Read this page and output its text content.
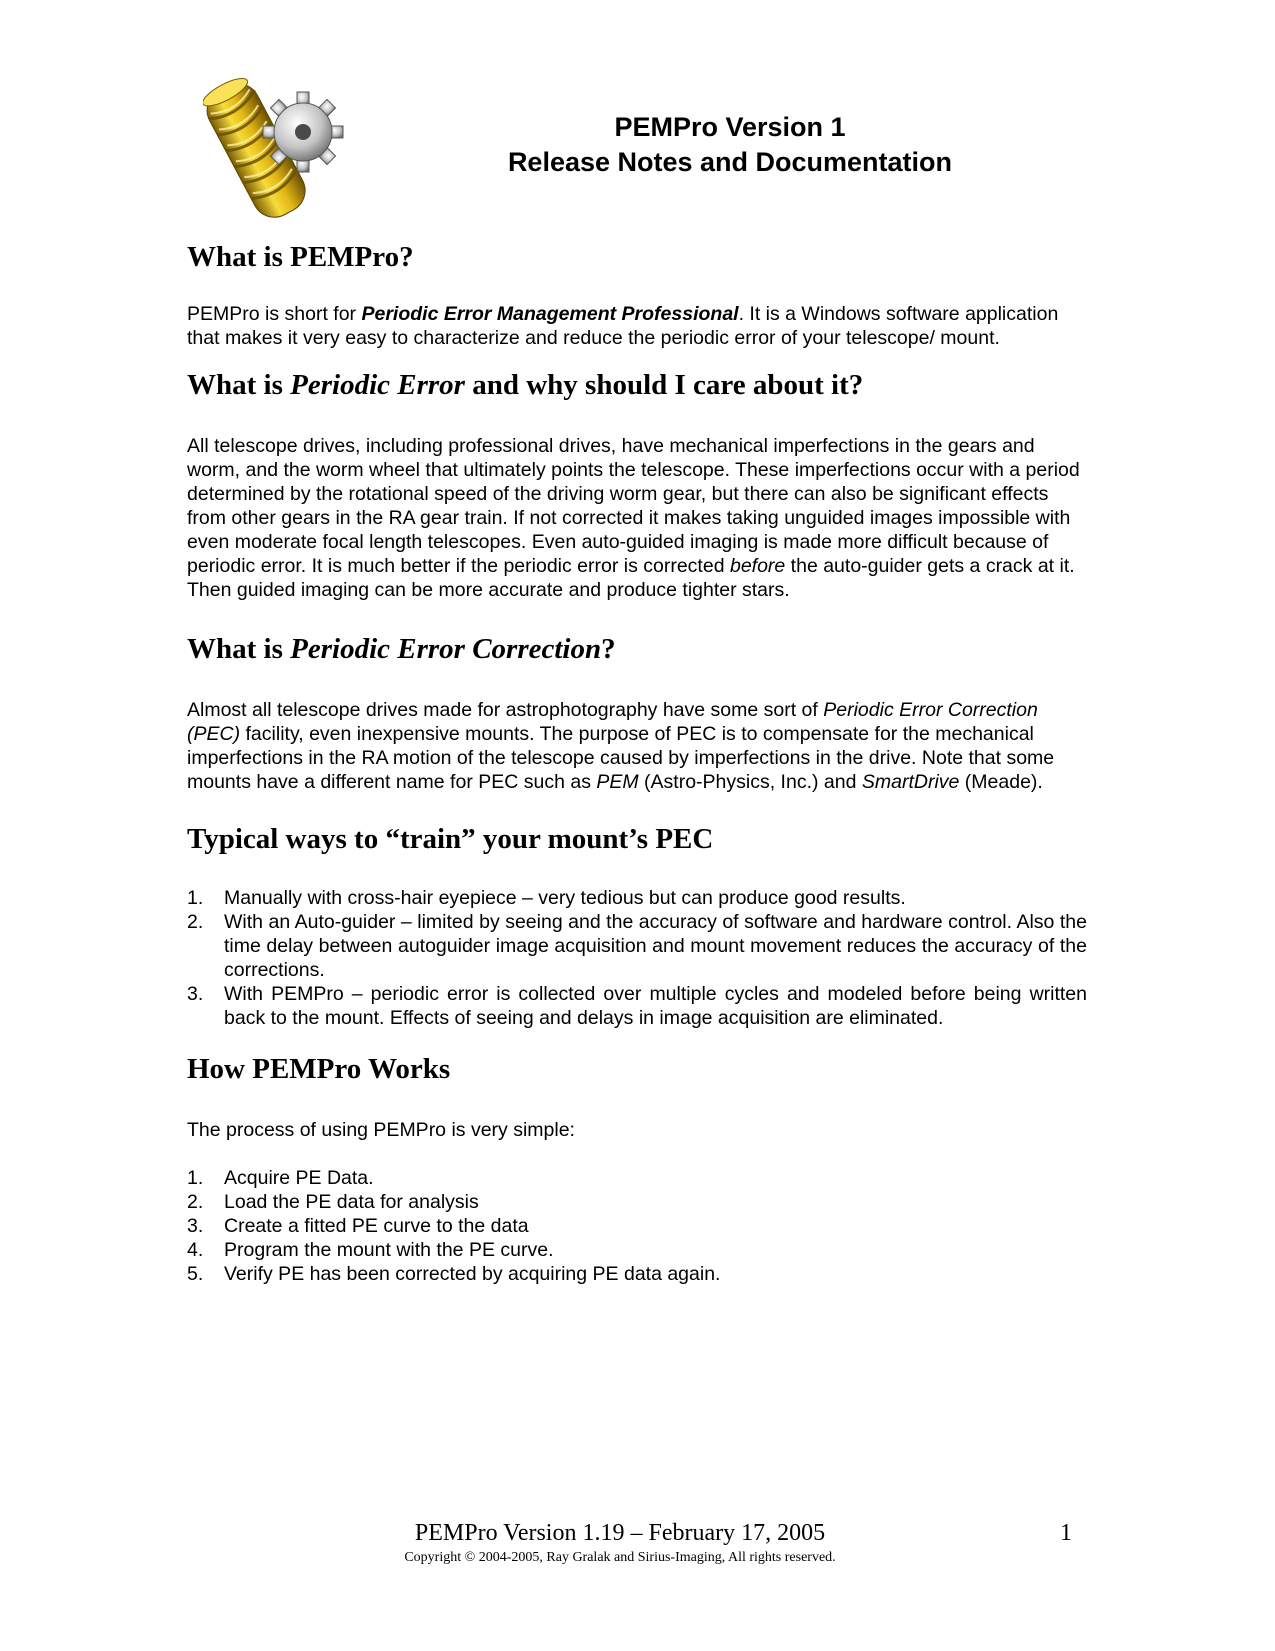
PEMPro Version 1
Release Notes and Documentation
What is PEMPro?

PEMPro is short for Periodic Error Management Professional. It is a Windows software application that makes it very easy to characterize and reduce the periodic error of your telescope/ mount.

What is Periodic Error and why should I care about it?

All telescope drives, including professional drives, have mechanical imperfections in the gears and worm, and the worm wheel that ultimately points the telescope. These imperfections occur with a period determined by the rotational speed of the driving worm gear, but there can also be significant effects from other gears in the RA gear train. If not corrected it makes taking unguided images impossible with even moderate focal length telescopes. Even auto-guided imaging is made more difficult because of periodic error. It is much better if the periodic error is corrected before the auto-guider gets a crack at it. Then guided imaging can be more accurate and produce tighter stars.

What is Periodic Error Correction?

Almost all telescope drives made for astrophotography have some sort of Periodic Error Correction (PEC) facility, even inexpensive mounts. The purpose of PEC is to compensate for the mechanical imperfections in the RA motion of the telescope caused by imperfections in the drive. Note that some mounts have a different name for PEC such as PEM (Astro-Physics, Inc.) and SmartDrive (Meade).

Typical ways to “train” your mount’s PEC
1. Manually with cross-hair eyepiece – very tedious but can produce good results.
2. With an Auto-guider – limited by seeing and the accuracy of software and hardware control. Also the time delay between autoguider image acquisition and mount movement reduces the accuracy of the corrections.
3. With PEMPro – periodic error is collected over multiple cycles and modeled before being written back to the mount. Effects of seeing and delays in image acquisition are eliminated.
How PEMPro Works

The process of using PEMPro is very simple:

1. Acquire PE Data.
2. Load the PE data for analysis
3. Create a fitted PE curve to the data
4. Program the mount with the PE curve.
5. Verify PE has been corrected by acquiring PE data again.
PEMPro Version 1.19 – February 17, 2005
Copyright © 2004-2005, Ray Gralak and Sirius-Imaging, All rights reserved.
1
